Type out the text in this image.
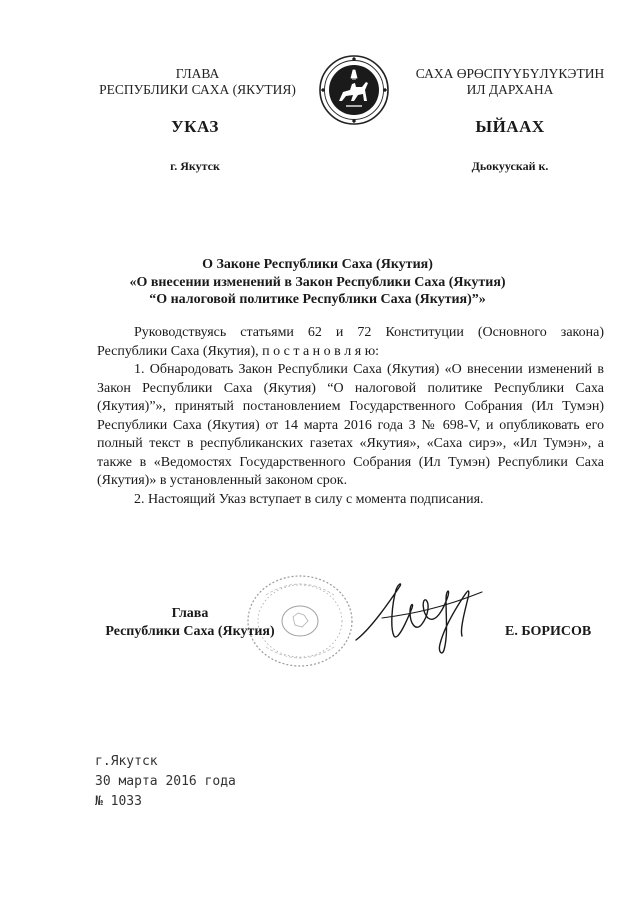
ГЛАВА
РЕСПУБЛИКИ САХА (ЯКУТИЯ)
САХА ӨРӨСПҮҮБҮЛҮКЭТИН
ИЛ ДАРХАНА
УКАЗ	ЫЙААХ
г. Якутск	Дьокуускай к.
О Законе Республики Саха (Якутия)
«О внесении изменений в Закон Республики Саха (Якутия)
“О налоговой политике Республики Саха (Якутия)”»

Руководствуясь статьями 62 и 72 Конституции (Основного закона) Республики Саха (Якутия), п о с т а н о в л я ю:

1. Обнародовать Закон Республики Саха (Якутия) «О внесении изменений в Закон Республики Саха (Якутия) “О налоговой политике Республики Саха (Якутия)”», принятый постановлением Государственного Собрания (Ил Тумэн) Республики Саха (Якутия) от 14 марта 2016 года З № 698-V, и опубликовать его полный текст в республиканских газетах «Якутия», «Саха сирэ», «Ил Тумэн», а также в «Ведомостях Государственного Собрания (Ил Тумэн) Республики Саха (Якутия)» в установленный законом срок.

2. Настоящий Указ вступает в силу с момента подписания.

Глава
Республики Саха (Якутия)	Е. БОРИСОВ
г.Якутск
30 марта 2016 года
№ 1033
